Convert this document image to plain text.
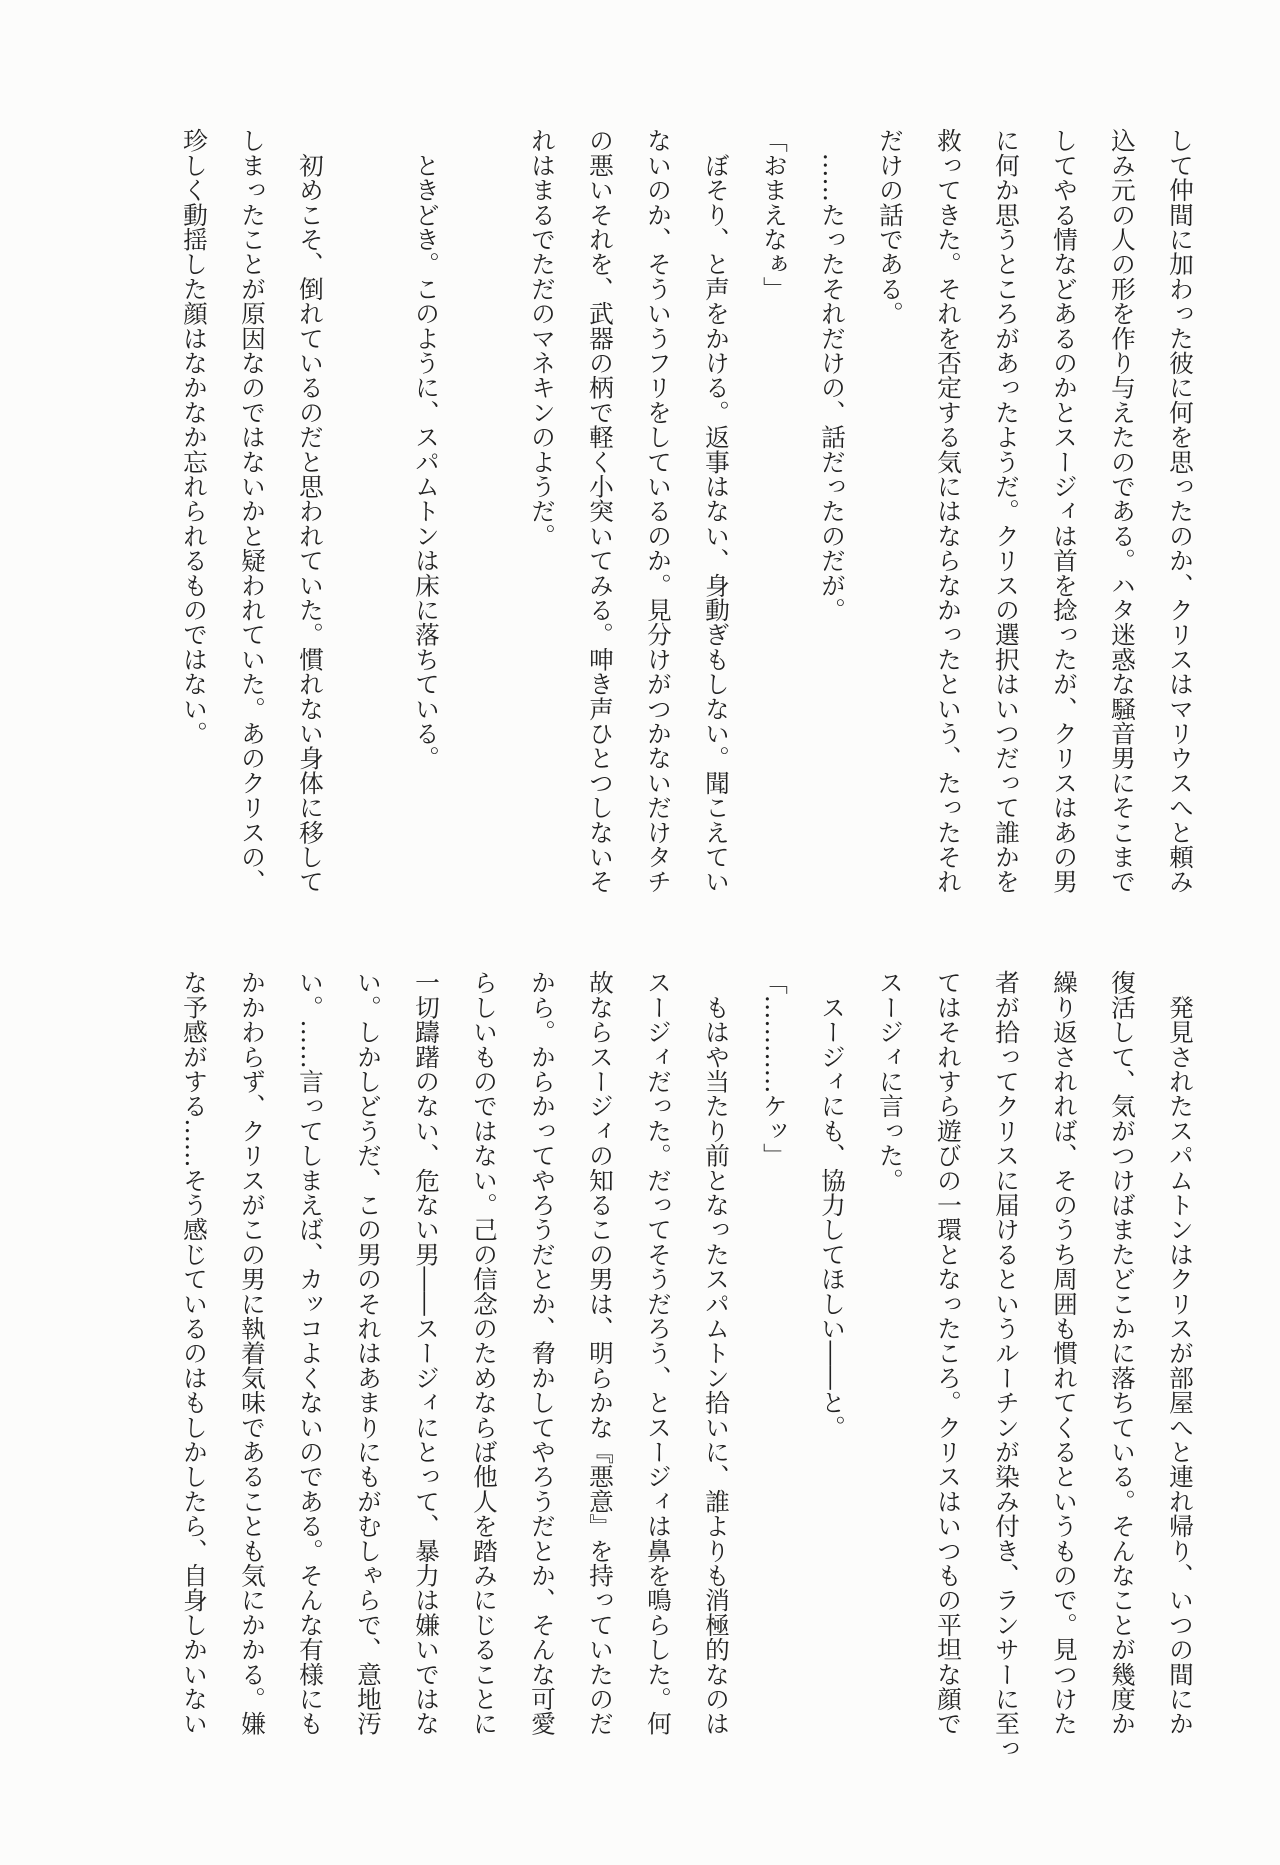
して仲間に加わった彼に何を思ったのか、クリスはマリウスへと頼み
込み元の人の形を作り与えたのである。ハタ迷惑な騒音男にそこまで
してやる情などあるのかとスージィは首を捻ったが、クリスはあの男
に何か思うところがあったようだ。クリスの選択はいつだって誰かを
救ってきた。それを否定する気にはならなかったという、たったそれ
だけの話である。
　……たったそれだけの、話だったのだが。
「おまえなぁ」
　ぼそり、と声をかける。返事はない、身動ぎもしない。聞こえてい
ないのか、そういうフリをしているのか。見分けがつかないだけタチ
の悪いそれを、武器の柄で軽く小突いてみる。呻き声ひとつしないそ
れはまるでただのマネキンのようだ。
　ときどき。このように、スパムトンは床に落ちている。
　初めこそ、倒れているのだと思われていた。慣れない身体に移して
しまったことが原因なのではないかと疑われていた。あのクリスの、
珍しく動揺した顔はなかなか忘れられるものではない。
　発見されたスパムトンはクリスが部屋へと連れ帰り、いつの間にか
復活して、気がつけばまたどこかに落ちている。そんなことが幾度か
繰り返されれば、そのうち周囲も慣れてくるというもので。見つけた
者が拾ってクリスに届けるというルーチンが染み付き、ランサーに至っ
てはそれすら遊びの一環となったころ。クリスはいつもの平坦な顔で
スージィに言った。
　スージィにも、協力してほしい――と。
「…………ケッ」
　もはや当たり前となったスパムトン拾いに、誰よりも消極的なのは
スージィだった。だってそうだろう、とスージィは鼻を鳴らした。何
故ならスージィの知るこの男は、明らかな『悪意』を持っていたのだ
から。からかってやろうだとか、脅かしてやろうだとか、そんな可愛
らしいものではない。己の信念のためならば他人を踏みにじることに
一切躊躇のない、危ない男――スージィにとって、暴力は嫌いではな
い。しかしどうだ、この男のそれはあまりにもがむしゃらで、意地汚
い。……言ってしまえば、カッコよくないのである。そんな有様にも
かかわらず、クリスがこの男に執着気味であることも気にかかる。嫌
な予感がする……そう感じているのはもしかしたら、自身しかいない
